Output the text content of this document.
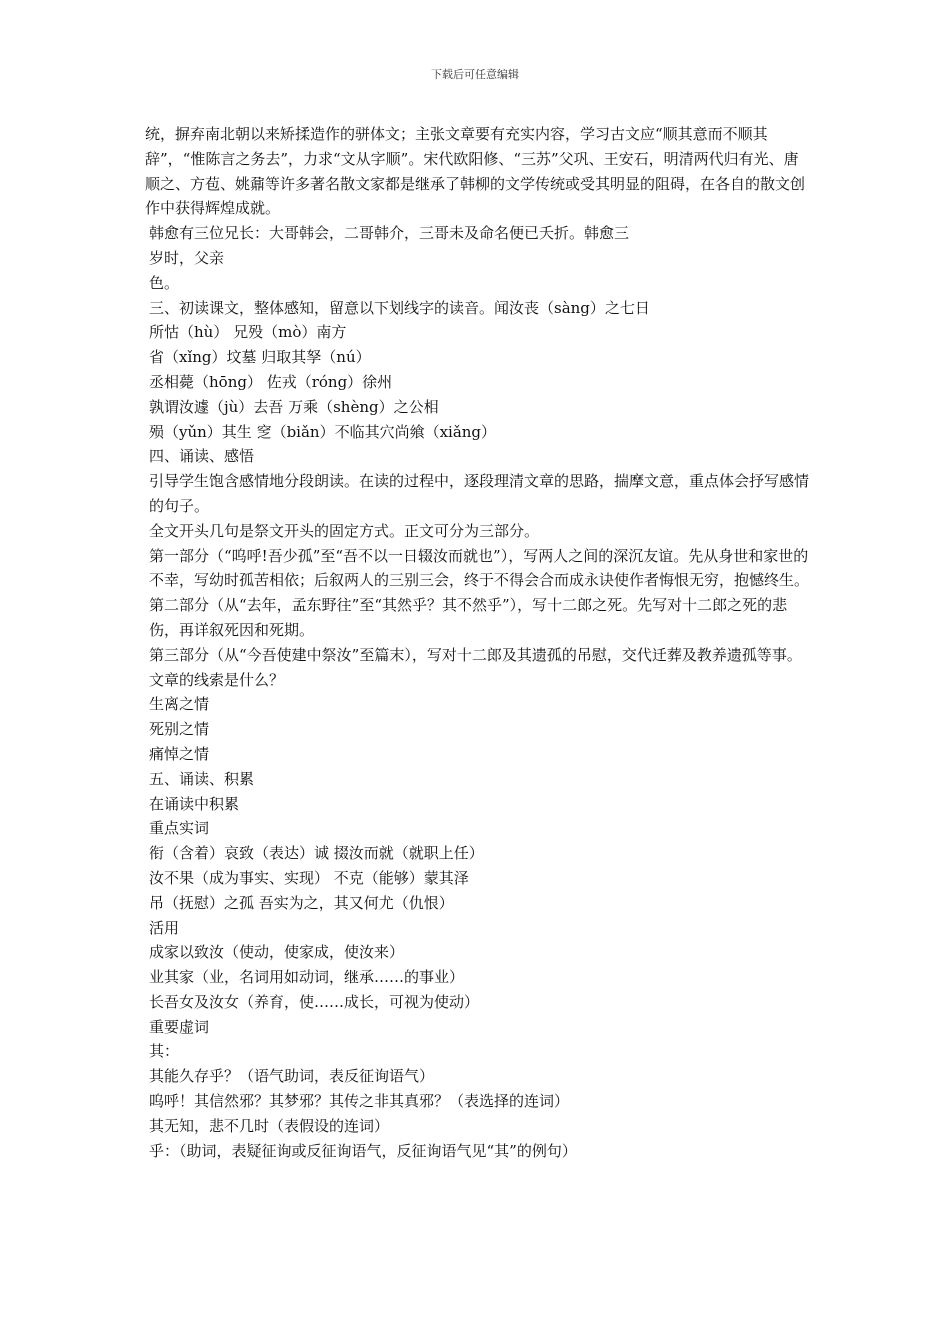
下载后可任意编辑

统，摒弃南北朝以来矫揉造作的骈体文；主张文章要有充实内容，学习古文应“顺其意而不顺其辞”，“惟陈言之务去”，力求“文从字顺”。宋代欧阳修、“三苏”父巩、王安石，明清两代归有光、唐顺之、方苞、姚鼐等许多著名散文家都是继承了韩柳的文学传统或受其明显的阻碍，在各自的散文创作中获得辉煌成就。

韩愈有三位兄长：大哥韩会，二哥韩介，三哥未及命名便已夭折。韩愈三

岁时，父亲

色。

三、初读课文，整体感知，留意以下划线字的读音。闻汝丧（sàng）之七日

所怙（hù） 兄殁（mò）南方

省（xǐng）坟墓 归取其孥（nú）

丞相薨（hōng） 佐戎（róng）徐州

孰谓汝遽（jù）去吾 万乘（shèng）之公相

殒（yǔn）其生 窆（biǎn）不临其穴尚飨（xiǎng）

四、诵读、感悟

引导学生饱含感情地分段朗读。在读的过程中，逐段理清文章的思路，揣摩文意，重点体会抒写感情的句子。

全文开头几句是祭文开头的固定方式。正文可分为三部分。

第一部分（“呜呼!吾少孤”至“吾不以一日辍汝而就也”），写两人之间的深沉友谊。先从身世和家世的不幸，写幼时孤苦相依；后叙两人的三别三会，终于不得会合而成永诀使作者悔恨无穷，抱憾终生。

第二部分（从“去年，孟东野往”至“其然乎？其不然乎”），写十二郎之死。先写对十二郎之死的悲伤，再详叙死因和死期。

第三部分（从“今吾使建中祭汝”至篇末），写对十二郎及其遗孤的吊慰，交代迁葬及教养遗孤等事。

文章的线索是什么？

生离之情

死别之情

痛悼之情

五、诵读、积累

在诵读中积累

重点实词

衔（含着）哀致（表达）诚 掇汝而就（就职上任）

汝不果（成为事实、实现） 不克（能够）蒙其泽

吊（抚慰）之孤 吾实为之，其又何尤（仇恨）

活用

成家以致汝（使动，使家成，使汝来）

业其家（业，名词用如动词，继承……的事业）

长吾女及汝女（养育，使……成长，可视为使动）

重要虚词

其：

其能久存乎？（语气助词，表反征询语气）

呜呼！其信然邪？其梦邪？其传之非其真邪？（表选择的连词）

其无知，悲不几时（表假设的连词）

乎：（助词，表疑征询或反征询语气，反征询语气见“其”的例句）
